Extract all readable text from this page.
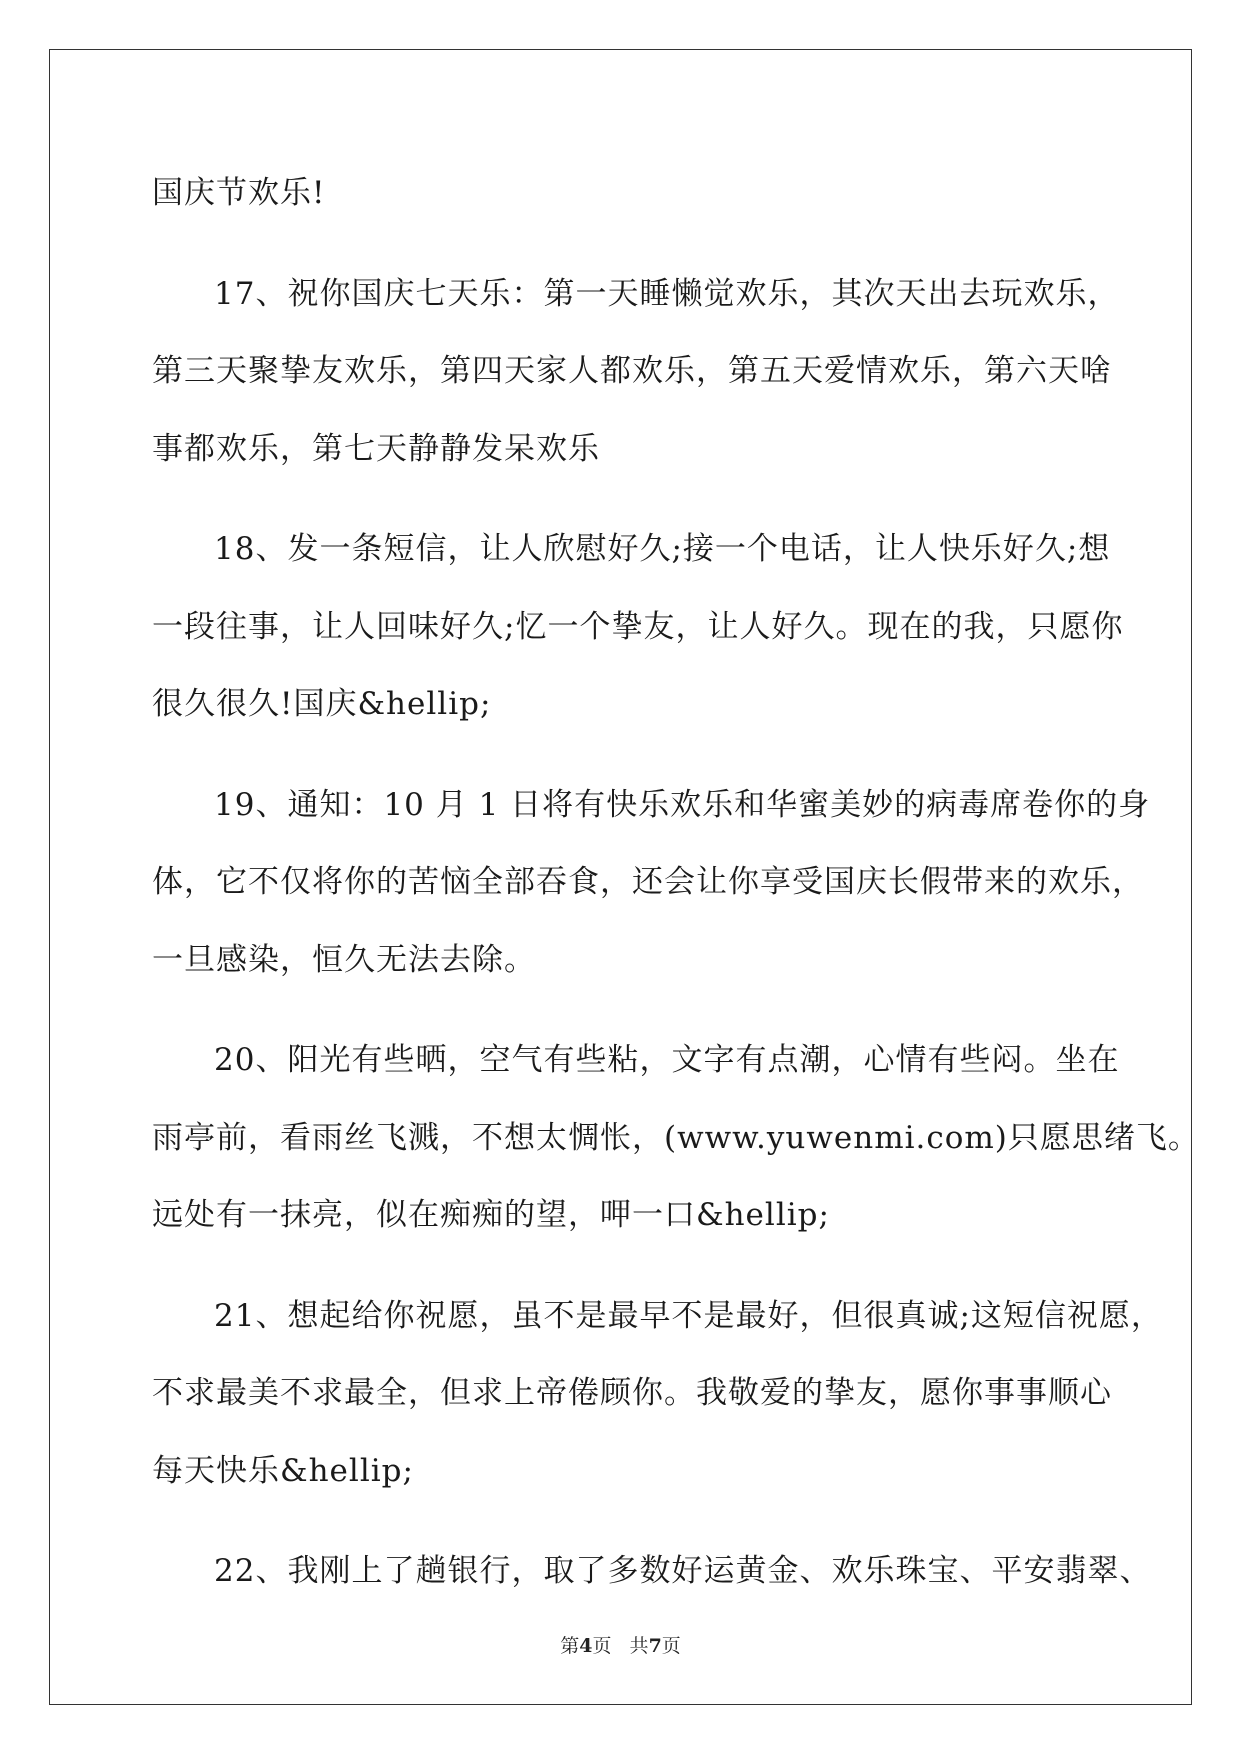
国庆节欢乐!

17、祝你国庆七天乐：第一天睡懒觉欢乐，其次天出去玩欢乐，
第三天聚挚友欢乐，第四天家人都欢乐，第五天爱情欢乐，第六天啥
事都欢乐，第七天静静发呆欢乐

18、发一条短信，让人欣慰好久;接一个电话，让人快乐好久;想
一段往事，让人回味好久;忆一个挚友，让人好久。现在的我，只愿你
很久很久!国庆&hellip;

19、通知：10 月 1 日将有快乐欢乐和华蜜美妙的病毒席卷你的身
体，它不仅将你的苦恼全部吞食，还会让你享受国庆长假带来的欢乐，
一旦感染，恒久无法去除。

20、阳光有些晒，空气有些粘，文字有点潮，心情有些闷。坐在
雨亭前，看雨丝飞溅，不想太惆怅，(www.yuwenmi.com)只愿思绪飞。
远处有一抹亮，似在痴痴的望，呷一口&hellip;

21、想起给你祝愿，虽不是最早不是最好，但很真诚;这短信祝愿，
不求最美不求最全，但求上帝倦顾你。我敬爱的挚友，愿你事事顺心
每天快乐&hellip;

22、我刚上了趟银行，取了多数好运黄金、欢乐珠宝、平安翡翠、

第4页   共7页
